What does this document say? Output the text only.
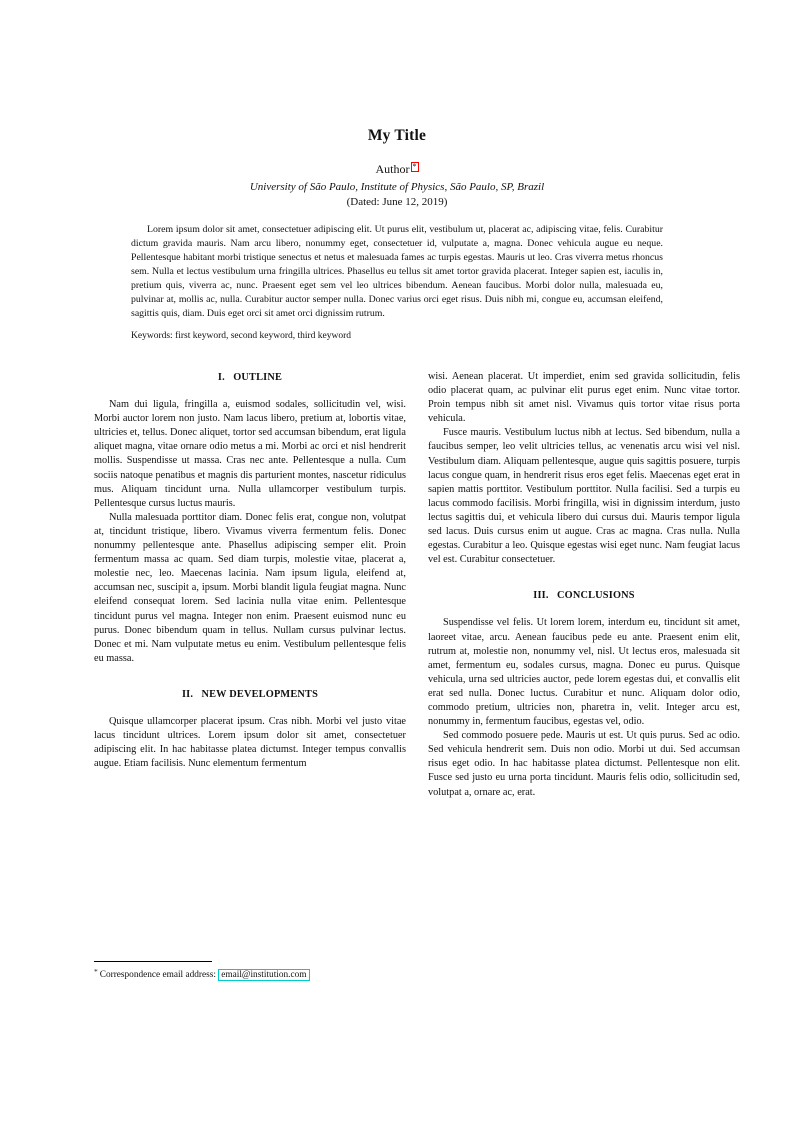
My Title
Author *
University of São Paulo, Institute of Physics, São Paulo, SP, Brazil
(Dated: June 12, 2019)
Lorem ipsum dolor sit amet, consectetuer adipiscing elit. Ut purus elit, vestibulum ut, placerat ac, adipiscing vitae, felis. Curabitur dictum gravida mauris. Nam arcu libero, nonummy eget, consectetuer id, vulputate a, magna. Donec vehicula augue eu neque. Pellentesque habitant morbi tristique senectus et netus et malesuada fames ac turpis egestas. Mauris ut leo. Cras viverra metus rhoncus sem. Nulla et lectus vestibulum urna fringilla ultrices. Phasellus eu tellus sit amet tortor gravida placerat. Integer sapien est, iaculis in, pretium quis, viverra ac, nunc. Praesent eget sem vel leo ultrices bibendum. Aenean faucibus. Morbi dolor nulla, malesuada eu, pulvinar at, mollis ac, nulla. Curabitur auctor semper nulla. Donec varius orci eget risus. Duis nibh mi, congue eu, accumsan eleifend, sagittis quis, diam. Duis eget orci sit amet orci dignissim rutrum.
Keywords: first keyword, second keyword, third keyword
I.   OUTLINE

Nam dui ligula, fringilla a, euismod sodales, sollicitudin vel, wisi. Morbi auctor lorem non justo. Nam lacus libero, pretium at, lobortis vitae, ultricies et, tellus. Donec aliquet, tortor sed accumsan bibendum, erat ligula aliquet magna, vitae ornare odio metus a mi. Morbi ac orci et nisl hendrerit mollis. Suspendisse ut massa. Cras nec ante. Pellentesque a nulla. Cum sociis natoque penatibus et magnis dis parturient montes, nascetur ridiculus mus. Aliquam tincidunt urna. Nulla ullamcorper vestibulum turpis. Pellentesque cursus luctus mauris.

Nulla malesuada porttitor diam. Donec felis erat, congue non, volutpat at, tincidunt tristique, libero. Vivamus viverra fermentum felis. Donec nonummy pellentesque ante. Phasellus adipiscing semper elit. Proin fermentum massa ac quam. Sed diam turpis, molestie vitae, placerat a, molestie nec, leo. Maecenas lacinia. Nam ipsum ligula, eleifend at, accumsan nec, suscipit a, ipsum. Morbi blandit ligula feugiat magna. Nunc eleifend consequat lorem. Sed lacinia nulla vitae enim. Pellentesque tincidunt purus vel magna. Integer non enim. Praesent euismod nunc eu purus. Donec bibendum quam in tellus. Nullam cursus pulvinar lectus. Donec et mi. Nam vulputate metus eu enim. Vestibulum pellentesque felis eu massa.

II.   NEW DEVELOPMENTS

Quisque ullamcorper placerat ipsum. Cras nibh. Morbi vel justo vitae lacus tincidunt ultrices. Lorem ipsum dolor sit amet, consectetuer adipiscing elit. In hac habitasse platea dictumst. Integer tempus convallis augue. Etiam facilisis. Nunc elementum fermentum

wisi. Aenean placerat. Ut imperdiet, enim sed gravida sollicitudin, felis odio placerat quam, ac pulvinar elit purus eget enim. Nunc vitae tortor. Proin tempus nibh sit amet nisl. Vivamus quis tortor vitae risus porta vehicula.

Fusce mauris. Vestibulum luctus nibh at lectus. Sed bibendum, nulla a faucibus semper, leo velit ultricies tellus, ac venenatis arcu wisi vel nisl. Vestibulum diam. Aliquam pellentesque, augue quis sagittis posuere, turpis lacus congue quam, in hendrerit risus eros eget felis. Maecenas eget erat in sapien mattis porttitor. Vestibulum porttitor. Nulla facilisi. Sed a turpis eu lacus commodo facilisis. Morbi fringilla, wisi in dignissim interdum, justo lectus sagittis dui, et vehicula libero dui cursus dui. Mauris tempor ligula sed lacus. Duis cursus enim ut augue. Cras ac magna. Cras nulla. Nulla egestas. Curabitur a leo. Quisque egestas wisi eget nunc. Nam feugiat lacus vel est. Curabitur consectetuer.

III.   CONCLUSIONS

Suspendisse vel felis. Ut lorem lorem, interdum eu, tincidunt sit amet, laoreet vitae, arcu. Aenean faucibus pede eu ante. Praesent enim elit, rutrum at, molestie non, nonummy vel, nisl. Ut lectus eros, malesuada sit amet, fermentum eu, sodales cursus, magna. Donec eu purus. Quisque vehicula, urna sed ultricies auctor, pede lorem egestas dui, et convallis elit erat sed nulla. Donec luctus. Curabitur et nunc. Aliquam dolor odio, commodo pretium, ultricies non, pharetra in, velit. Integer arcu est, nonummy in, fermentum faucibus, egestas vel, odio.

Sed commodo posuere pede. Mauris ut est. Ut quis purus. Sed ac odio. Sed vehicula hendrerit sem. Duis non odio. Morbi ut dui. Sed accumsan risus eget odio. In hac habitasse platea dictumst. Pellentesque non elit. Fusce sed justo eu urna porta tincidunt. Mauris felis odio, sollicitudin sed, volutpat a, ornare ac, erat.

* Correspondence email address: email@institution.com
